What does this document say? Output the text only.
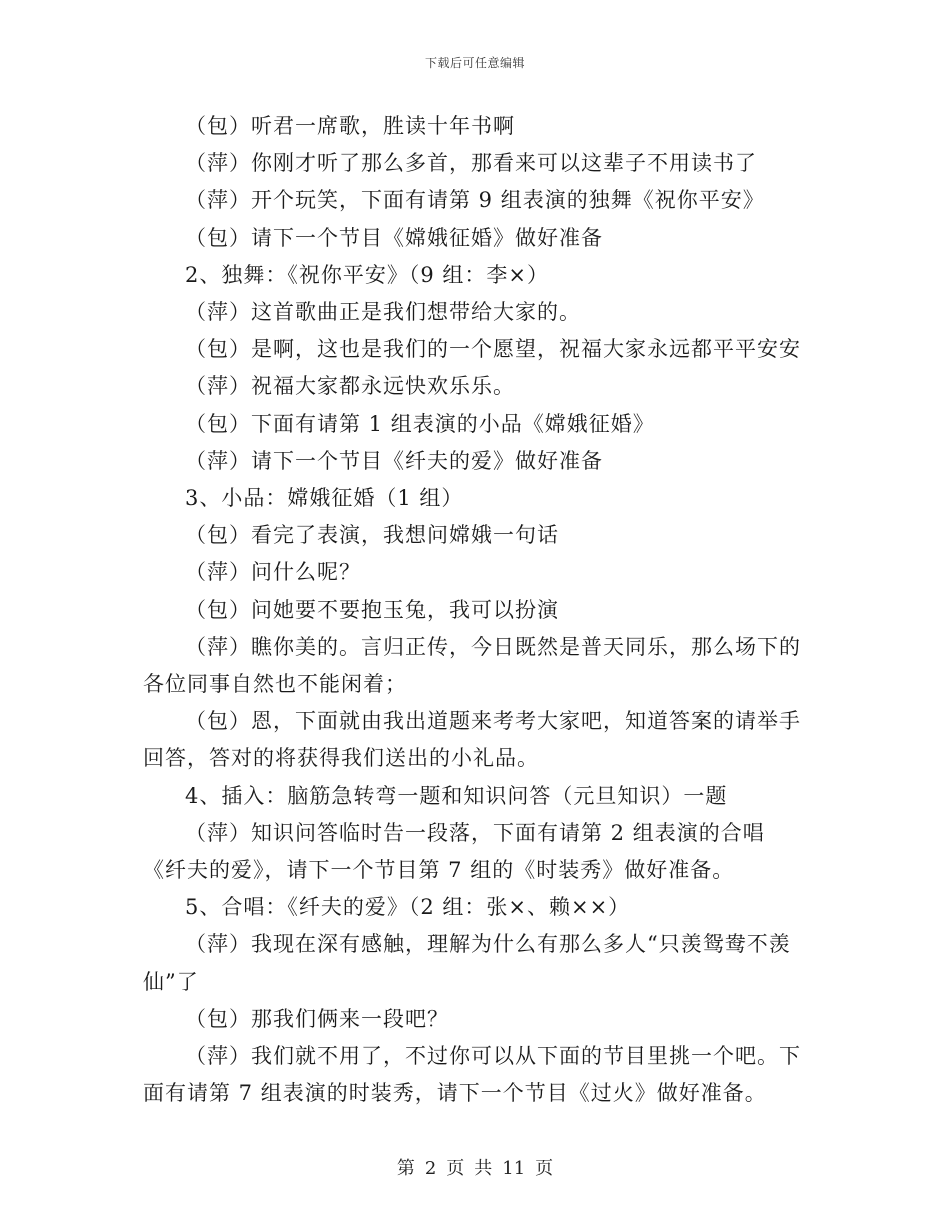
下载后可任意编辑

（包）听君一席歌，胜读十年书啊

（萍）你刚才听了那么多首，那看来可以这辈子不用读书了

（萍）开个玩笑，下面有请第 9 组表演的独舞《祝你平安》

（包）请下一个节目《嫦娥征婚》做好准备

2、独舞：《祝你平安》（9 组：李×）

（萍）这首歌曲正是我们想带给大家的。

（包）是啊，这也是我们的一个愿望，祝福大家永远都平平安安

（萍）祝福大家都永远快欢乐乐。

（包）下面有请第 1 组表演的小品《嫦娥征婚》

（萍）请下一个节目《纤夫的爱》做好准备

3、小品：嫦娥征婚（1 组）

（包）看完了表演，我想问嫦娥一句话

（萍）问什么呢？

（包）问她要不要抱玉兔，我可以扮演

（萍）瞧你美的。言归正传，今日既然是普天同乐，那么场下的各位同事自然也不能闲着；

（包）恩，下面就由我出道题来考考大家吧，知道答案的请举手回答，答对的将获得我们送出的小礼品。

4、插入：脑筋急转弯一题和知识问答（元旦知识）一题

（萍）知识问答临时告一段落，下面有请第 2 组表演的合唱《纤夫的爱》，请下一个节目第 7 组的《时装秀》做好准备。

5、合唱：《纤夫的爱》（2 组：张×、赖××）

（萍）我现在深有感触，理解为什么有那么多人“只羡鸳鸯不羡仙”了

（包）那我们俩来一段吧？

（萍）我们就不用了，不过你可以从下面的节目里挑一个吧。下面有请第 7 组表演的时装秀，请下一个节目《过火》做好准备。

第 2 页 共 11 页
